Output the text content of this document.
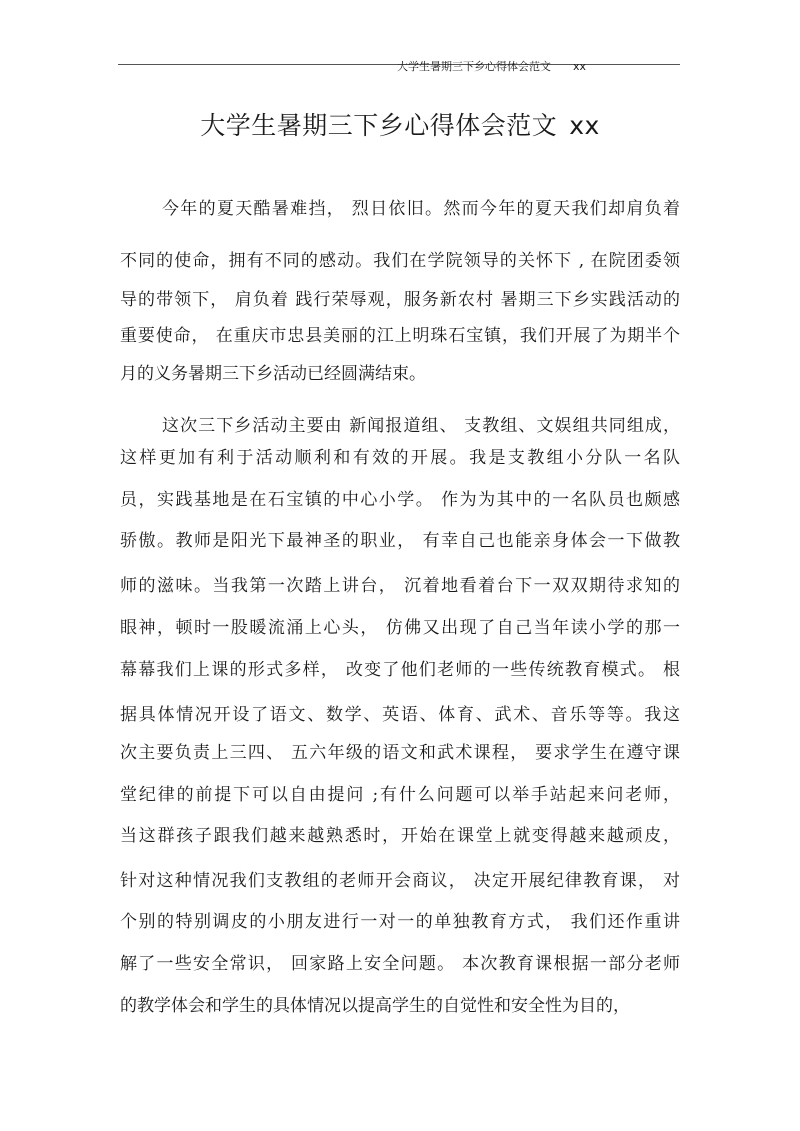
大学生暑期三下乡心得体会范文 xx
大学生暑期三下乡心得体会范文 xx
今年的夏天酷暑难挡， 烈日依旧。然而今年的夏天我们却肩负着
不同的使命，拥有不同的感动。我们在学院领导的关怀下 , 在院团委领
导的带领下， 肩负着 践行荣辱观，服务新农村 暑期三下乡实践活动的
重要使命， 在重庆市忠县美丽的江上明珠石宝镇，我们开展了为期半个
月的义务暑期三下乡活动已经圆满结束。
这次三下乡活动主要由 新闻报道组、 支教组、文娱组共同组成，
这样更加有利于活动顺利和有效的开展。我是支教组小分队一名队
员，实践基地是在石宝镇的中心小学。 作为为其中的一名队员也颇感
骄傲。教师是阳光下最神圣的职业， 有幸自己也能亲身体会一下做教
师的滋味。当我第一次踏上讲台， 沉着地看着台下一双双期待求知的
眼神，顿时一股暖流涌上心头， 仿佛又出现了自己当年读小学的那一
幕幕我们上课的形式多样， 改变了他们老师的一些传统教育模式。 根
据具体情况开设了语文、数学、英语、体育、武术、音乐等等。我这
次主要负责上三四、 五六年级的语文和武术课程， 要求学生在遵守课
堂纪律的前提下可以自由提问 ;有什么问题可以举手站起来问老师，
当这群孩子跟我们越来越熟悉时，开始在课堂上就变得越来越顽皮，
针对这种情况我们支教组的老师开会商议， 决定开展纪律教育课， 对
个别的特别调皮的小朋友进行一对一的单独教育方式， 我们还作重讲
解了一些安全常识， 回家路上安全问题。 本次教育课根据一部分老师
的教学体会和学生的具体情况以提高学生的自觉性和安全性为目的，
